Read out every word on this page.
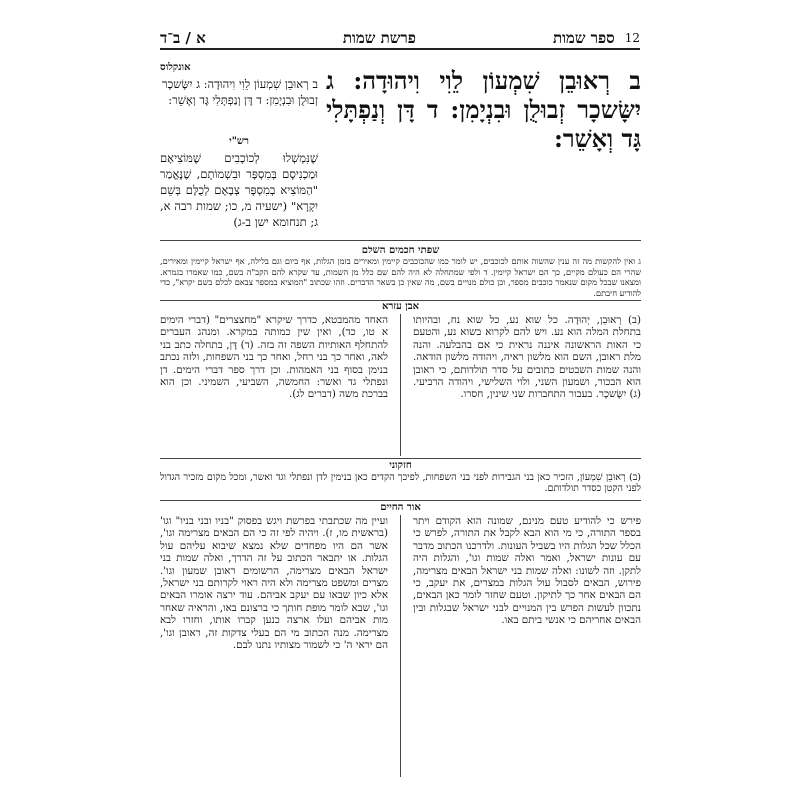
12
ספר שמות
פרשת שמות
א / ב־ד
ב רְאוּבֵן שִׁמְעוֹן לֵוִי וִיהוּדָה: ג יִשָּׂשכָר זְבוּלֻן וּבִנְיָמִן: ד דָּן וְנַפְתָּלִי גָּד וְאָשֵׁר:
אונקלוס
ב רְאוּבֵן שִׁמְעוֹן לֵוִי וִיהוּדָה: ג יִשָּׂשכָר זְבוּלֻן וּבִנְיָמִן: ד דָּן וְנַפְתָּלִי גָּד וְאָשֵׁר:
רש"י
שֶׁנִּמְשְׁלוּ לְכוֹכָבִים שֶׁמּוֹצִיאָם וּמַכְנִיסָם בְּמִסְפָּר וּבִשְׁמוֹתָם, שֶׁנֶּאֱמַר "הַמּוֹצִיא בְמִסְפָּר צְבָאָם לְכֻלָּם בְּשֵׁם יִקְרָא" (ישעיה מ, כו; שמות רבה א, ג; תנחומא ישן ב-ג)
שפתי חכמים השלם
ג ואין להקשות מה זה ענין שהשוה אותם לכוכבים, יש לומר כמו שהכוכבים קיימין ומאירים בזמן הגלות, אף ביום וגם בלילה, אף ישראל קיימין ומאירים, שהרי הם כעולם מקיים, כך הם ישראל קיימין. ד ולפי שמתחלה לא היה להם שם כלל מן השמות, עד שקרא להם הקב"ה בשם, כמו שאמרו בגמרא. ומצאנו שבכל מקום שנאמר כוכבים מספר, וכן כולם מנויים בשם, מה שאין כן בשאר הדברים. וזהו שכתוב "המוציא במספר צבאם לכלם בשם יקרא", כדי להודיע חיבתם.
אבן עזרא
(ב) רְאוּבֵן, יְהוּדָה. כל שוא נע, כל שוא נח, ובהיותו בתחלת המלה הוא נע. ויש להם לקרוא בשוא נע, והטעם כי האות הראשונה איננה נראית כי אם בהבלעה. והנה מלת ראובן, השם הוא מלשון ראיה, ויהודה מלשון הודאה. והנה שמות השבטים כתובים על סדר תולדותם, כי ראובן הוא הבכור, ושמעון השני, ולוי השלישי, ויהודה הרביעי. (ג) יִשָּׂשכָר. בעבור התחברות שני שינין, חסרו.
האחד מהמבטא, כדרך שיקרא "מחצצרים" (דברי הימים א טו, כד), ואין שין כמותה במקרא. ומנהג העברים להתחלף האותיות השפה זה בזה. (ד) דָּן, בתחלה כתב בני לאה, ואחר כך בני רחל, ואחר כך בני השפחות, ולזה נכתב בנימן בסוף בני האמהות. וכן דרך ספר דברי הימים. דן ונפתלי גד ואשר: החמשה, השביעי, השמיני. וכן הוא בברכת משה (דברים לג).
חזקוני
(ב) רְאוּבֵן שִׁמְעוֹן, הזכיר כאן בני הגבירות לפני בני השפחות, לפיכך הקדים כאן בנימין לדן ונפתלי וגד ואשר, ומכל מקום מזכיר הגדול לפני הקטן כסדר תולדותם.
אור החיים
פירש כי להודיע טעם מנינם, שמונה הוא הקודם ויתר בספר התורה, כי מי הוא הבא לקבל את התורה, לפרש כי הכלל שכל הגלות היו בשביל העונות. ולדרכנו הכתוב מדבר עם עונות ישראל, ואמר ואלה שמות וגו', והגלות היה לתקן. וזה לשונו: ואלה שמות בני ישראל הבאים מצרימה, פירוש, הבאים לסבול עול הגלות במצרים, את יעקב, כי הם הבאים אחר כך לתיקון. וטעם שחזר לומר כאן הבאים, נתכוון לעשות הפרש בין המנויים לבני ישראל שבגלות ובין הבאים אחריהם כי אנשי ביתם באו.
ועיין מה שכתבתי בפרשת ויגש בפסוק "בניו ובני בניו" וגו' (בראשית מו, ז). ויהיה לפי זה כי הם הבאים מצרימה וגו', אשר הם היו מפחדים שלא נמצא שיבוא עליהם עול הגלות. או יתבאר הכתוב על זה הדרך, ואלה שמות בני ישראל הבאים מצרימה, הרשומים ראובן שמעון וגו'. מצרים ומשפט מצרימה ולא היה ראוי לקרותם בני ישראל, אלא כיון שבאו עם יעקב אביהם. עוד ירצה אומרו הבאים וגו', שבא לומר מופת חותך כי ברצונם באו, והראיה שאחר מות אביהם ועלו ארצה כנען קברו אותו, וחזרו לבא מצרימה. מנה הכתוב מי הם בעלי צדקות זה, ראובן וגו', הם יראי ה' כי לשמור מצותיו נתנו לבם.
